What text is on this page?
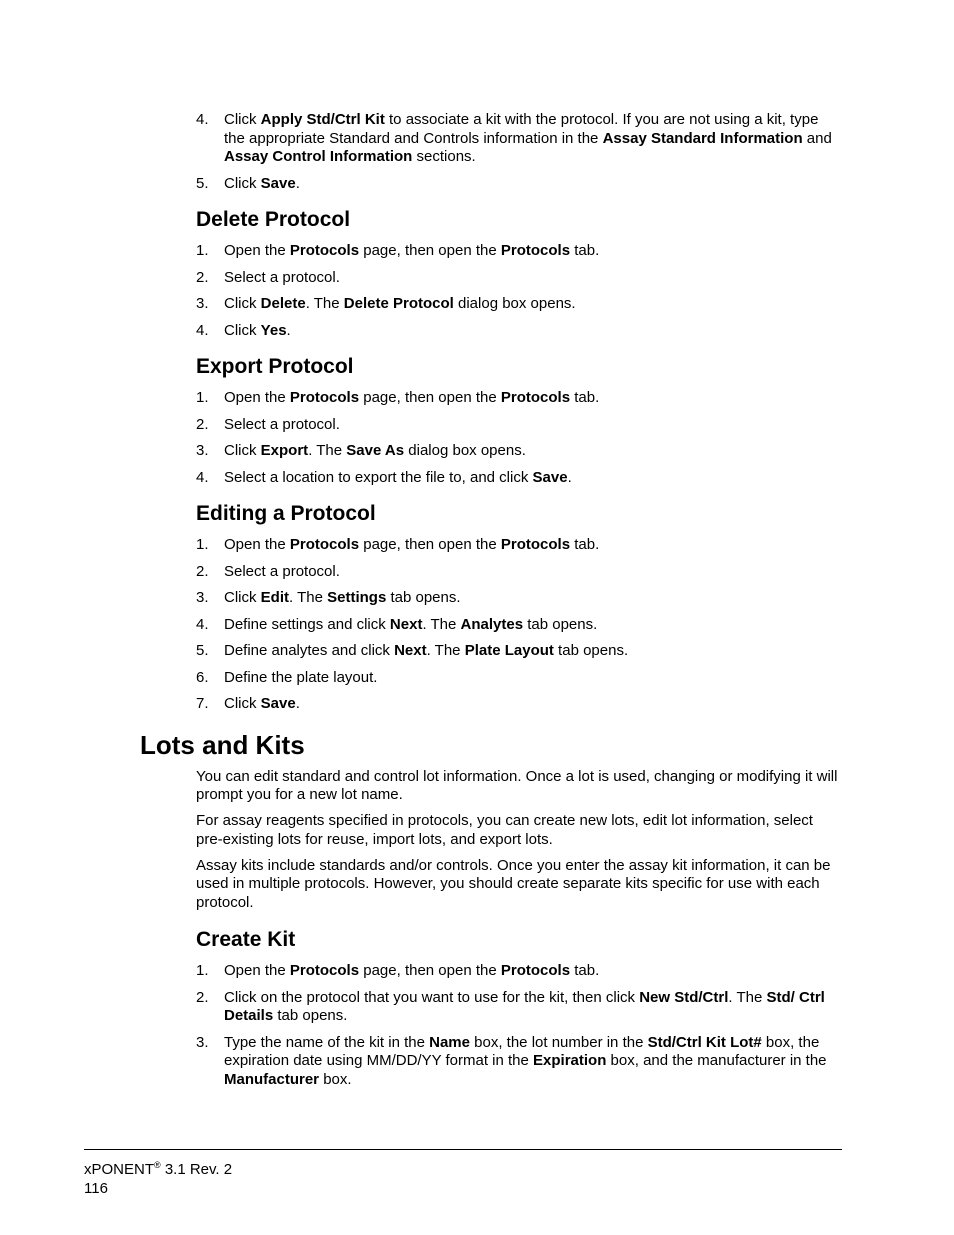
4. Click Apply Std/Ctrl Kit to associate a kit with the protocol. If you are not using a kit, type the appropriate Standard and Controls information in the Assay Standard Information and Assay Control Information sections.
5. Click Save.
Delete Protocol
1. Open the Protocols page, then open the Protocols tab.
2. Select a protocol.
3. Click Delete. The Delete Protocol dialog box opens.
4. Click Yes.
Export Protocol
1. Open the Protocols page, then open the Protocols tab.
2. Select a protocol.
3. Click Export. The Save As dialog box opens.
4. Select a location to export the file to, and click Save.
Editing a Protocol
1. Open the Protocols page, then open the Protocols tab.
2. Select a protocol.
3. Click Edit. The Settings tab opens.
4. Define settings and click Next. The Analytes tab opens.
5. Define analytes and click Next. The Plate Layout tab opens.
6. Define the plate layout.
7. Click Save.
Lots and Kits

You can edit standard and control lot information. Once a lot is used, changing or modifying it will prompt you for a new lot name.

For assay reagents specified in protocols, you can create new lots, edit lot information, select pre-existing lots for reuse, import lots, and export lots.

Assay kits include standards and/or controls. Once you enter the assay kit information, it can be used in multiple protocols. However, you should create separate kits specific for use with each protocol.

Create Kit
1. Open the Protocols page, then open the Protocols tab.
2. Click on the protocol that you want to use for the kit, then click New Std/Ctrl. The Std/ Ctrl Details tab opens.
3. Type the name of the kit in the Name box, the lot number in the Std/Ctrl Kit Lot# box, the expiration date using MM/DD/YY format in the Expiration box, and the manufacturer in the Manufacturer box.
xPONENT® 3.1 Rev. 2
116
